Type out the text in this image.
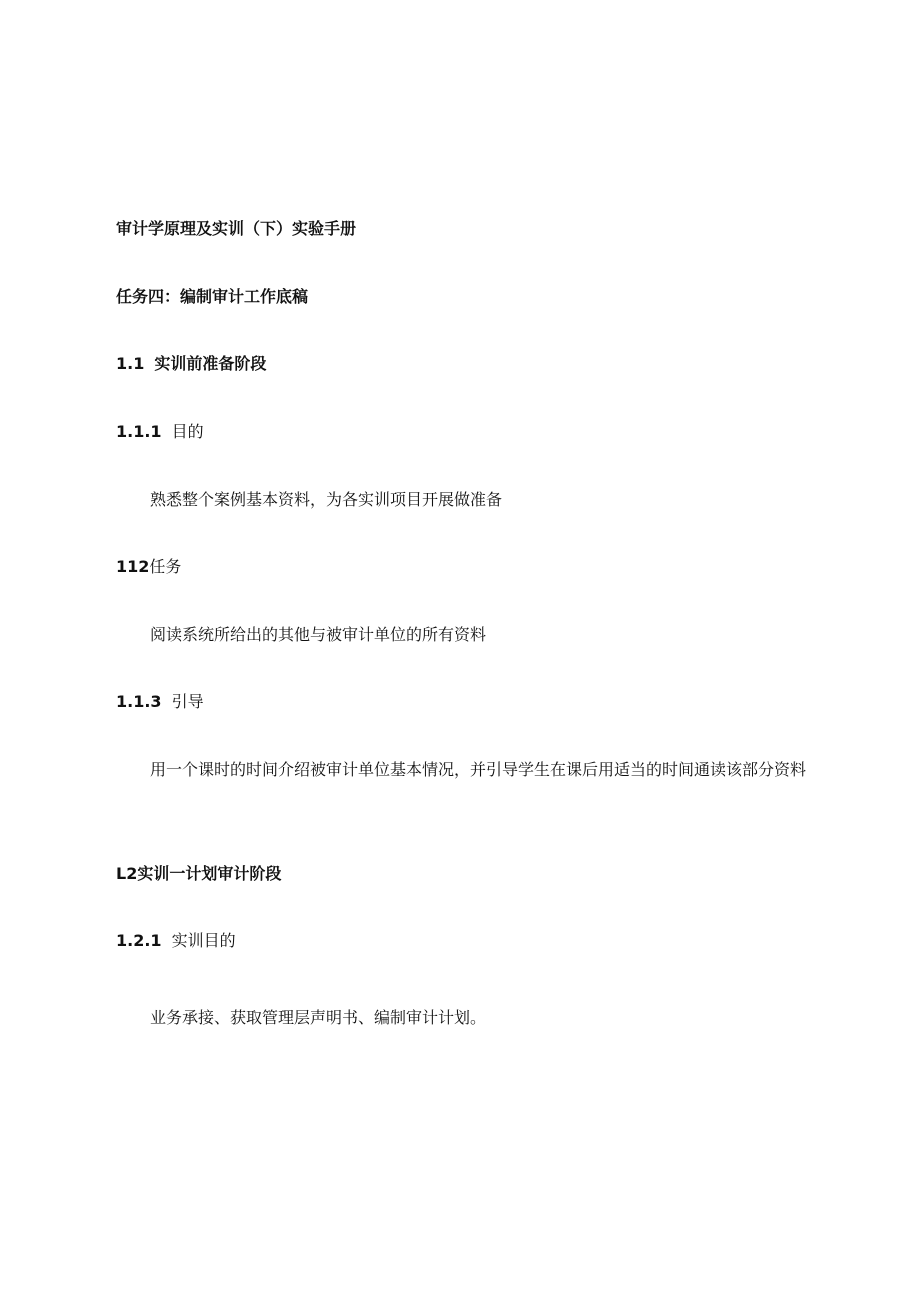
审计学原理及实训（下）实验手册
任务四：编制审计工作底稿
1.1 实训前准备阶段
1.1.1 目的
熟悉整个案例基本资料，为各实训项目开展做准备
112任务
阅读系统所给出的其他与被审计单位的所有资料
1.1.3 引导
用一个课时的时间介绍被审计单位基本情况，并引导学生在课后用适当的时间通读该部分资料
L2实训一计划审计阶段
1.2.1 实训目的
业务承接、获取管理层声明书、编制审计计划。
